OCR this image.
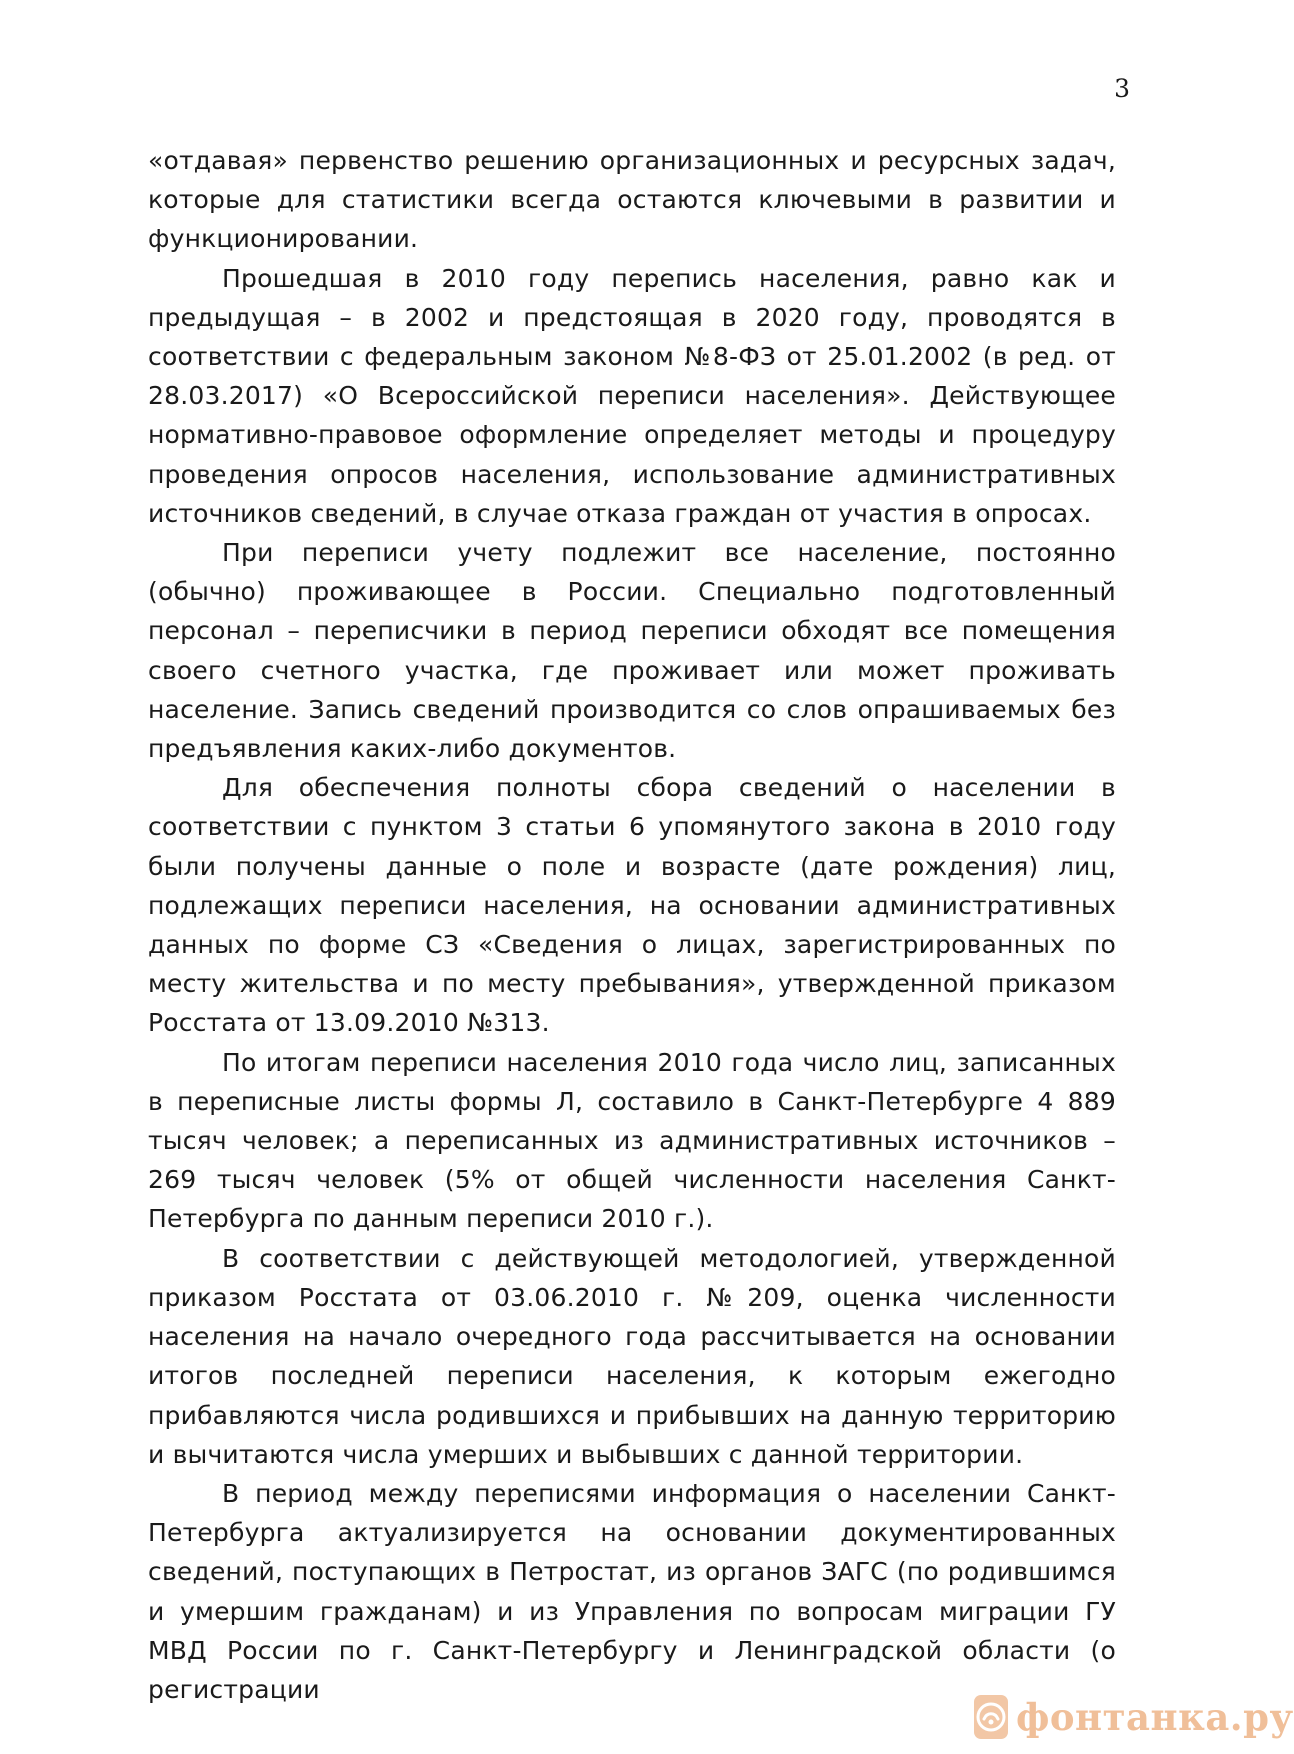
3

«отдавая» первенство решению организационных и ресурсных задач, которые для статистики всегда остаются ключевыми в развитии и функционировании.

Прошедшая в 2010 году перепись населения, равно как и предыдущая – в 2002 и предстоящая в 2020 году, проводятся в соответствии с федеральным законом №8-ФЗ от 25.01.2002 (в ред. от 28.03.2017) «О Всероссийской переписи населения». Действующее нормативно-правовое оформление определяет методы и процедуру проведения опросов населения, использование административных источников сведений, в случае отказа граждан от участия в опросах.

При переписи учету подлежит все население, постоянно (обычно) проживающее в России. Специально подготовленный персонал – переписчики в период переписи обходят все помещения своего счетного участка, где проживает или может проживать население. Запись сведений производится со слов опрашиваемых без предъявления каких-либо документов.

Для обеспечения полноты сбора сведений о населении в соответствии с пунктом 3 статьи 6 упомянутого закона в 2010 году были получены данные о поле и возрасте (дате рождения) лиц, подлежащих переписи населения, на основании административных данных по форме СЗ «Сведения о лицах, зарегистрированных по месту жительства и по месту пребывания», утвержденной приказом Росстата от 13.09.2010 №313.

По итогам переписи населения 2010 года число лиц, записанных в переписные листы формы Л, составило в Санкт-Петербурге 4 889 тысяч человек; а переписанных из административных источников – 269 тысяч человек (5% от общей численности населения Санкт-Петербурга по данным переписи 2010 г.).

В соответствии с действующей методологией, утвержденной приказом Росстата от 03.06.2010 г. №209, оценка численности населения на начало очередного года рассчитывается на основании итогов последней переписи населения, к которым ежегодно прибавляются числа родившихся и прибывших на данную территорию и вычитаются числа умерших и выбывших с данной территории.

В период между переписями информация о населении Санкт-Петербурга актуализируется на основании документированных сведений, поступающих в Петростат, из органов ЗАГС (по родившимся и умершим гражданам) и из Управления по вопросам миграции ГУ МВД России по г. Санкт-Петербургу и Ленинградской области (о регистрации

фонтанка.ру
